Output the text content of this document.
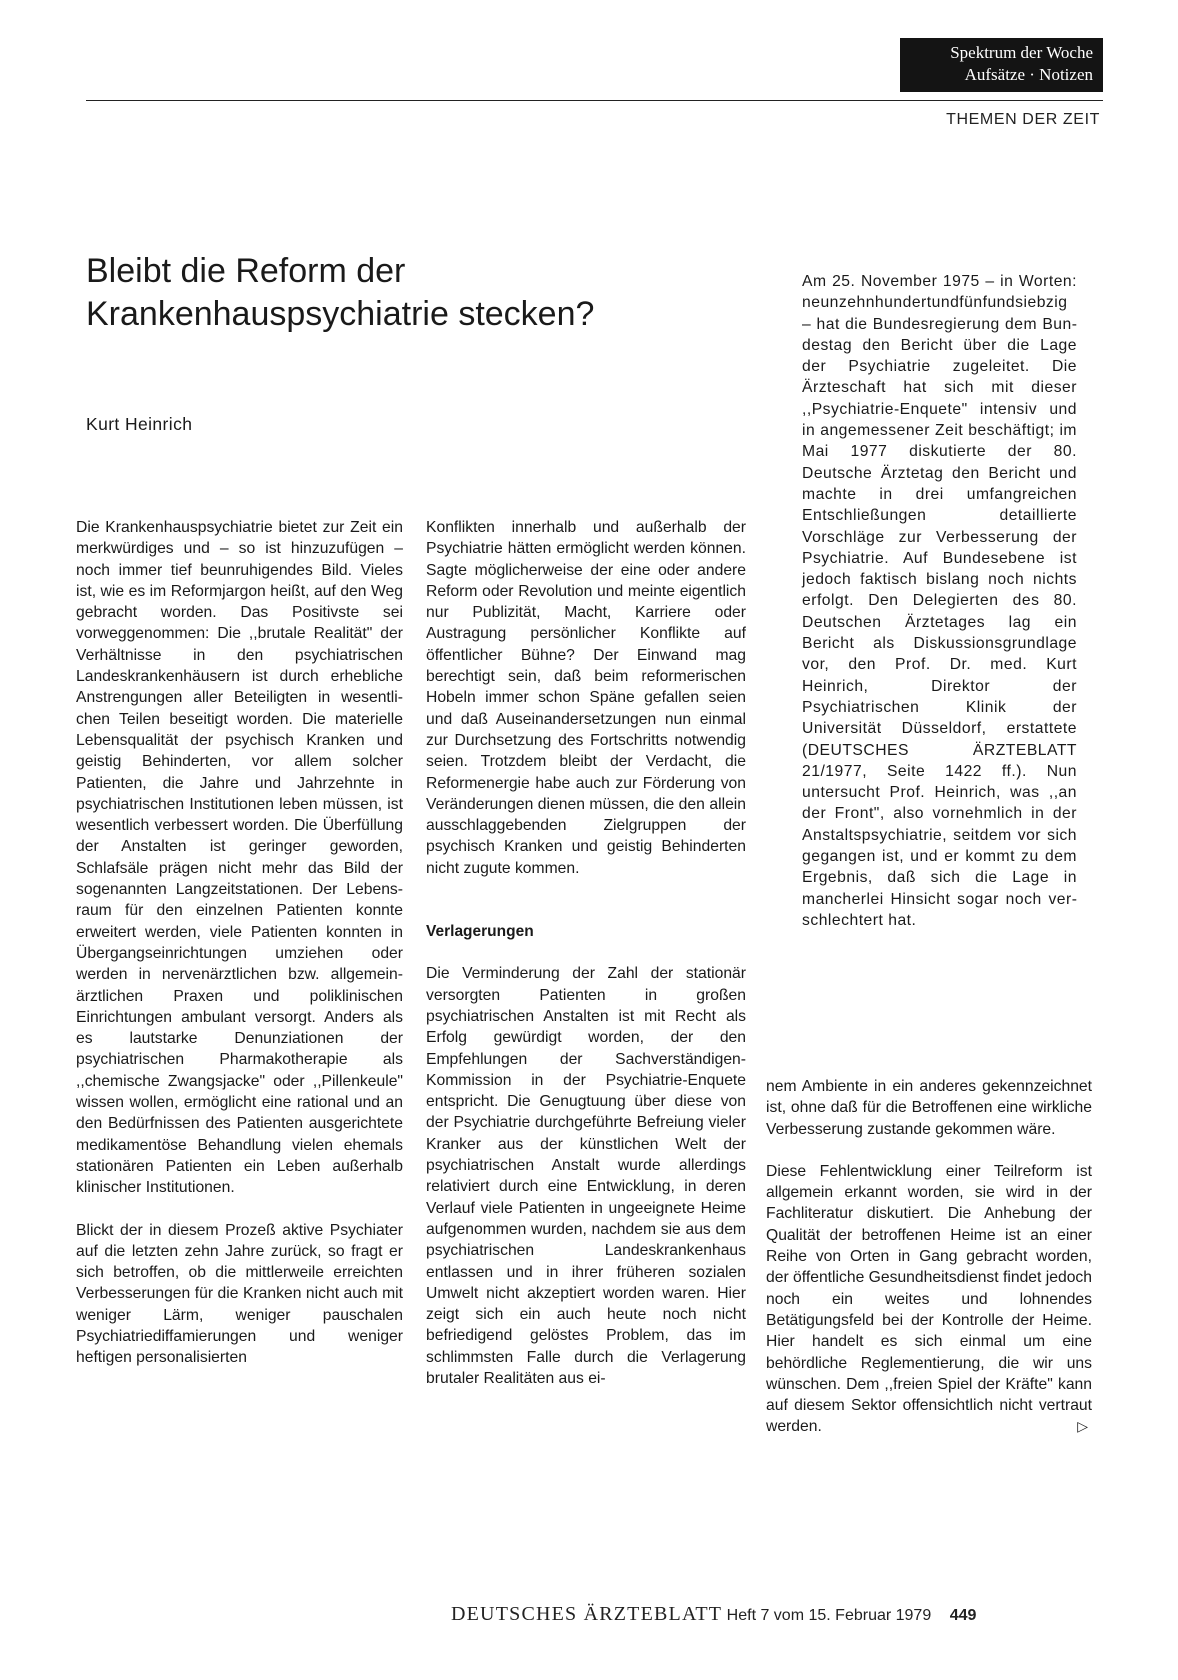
Spektrum der Woche
Aufsätze · Notizen
THEMEN DER ZEIT
Bleibt die Reform der
Krankenhauspsychiatrie stecken?
Kurt Heinrich

Die Krankenhauspsychiatrie bietet zur Zeit ein merkwürdiges und – so ist hinzuzufügen – noch immer tief beunruhigendes Bild. Vieles ist, wie es im Reformjargon heißt, auf den Weg gebracht worden. Das Positivste sei vorweggenommen: Die ,,brutale Realität" der Verhältnisse in den psychiatrischen Landeskrankenhäusern ist durch erhebliche Anstrengungen aller Beteiligten in wesentlichen Teilen beseitigt worden. Die materielle Lebensqualität der psychisch Kranken und geistig Behinderten, vor allem solcher Patienten, die Jahre und Jahrzehnte in psychiatrischen Institutionen leben müssen, ist wesentlich verbessert worden. Die Überfüllung der Anstalten ist geringer geworden, Schlafsäle prägen nicht mehr das Bild der sogenannten Langzeitstationen. Der Lebensraum für den einzelnen Patienten konnte erweitert werden, viele Patienten konnten in Übergangseinrichtungen umziehen oder werden in nervenärztlichen bzw. allgemeinärztlichen Praxen und poliklinischen Einrichtungen ambulant versorgt. Anders als es lautstarke Denunziationen der psychiatrischen Pharmakotherapie als ,,chemische Zwangsjacke" oder ,,Pillenkeule" wissen wollen, ermöglicht eine rational und an den Bedürfnissen des Patienten ausgerichtete medikamentöse Behandlung vielen ehemals stationären Patienten ein Leben außerhalb klinischer Institutionen.

Blickt der in diesem Prozeß aktive Psychiater auf die letzten zehn Jahre zurück, so fragt er sich betroffen, ob die mittlerweile erreichten Verbesserungen für die Kranken nicht auch mit weniger Lärm, weniger pauschalen Psychiatriediffamierungen und weniger heftigen personalisierten

Konflikten innerhalb und außerhalb der Psychiatrie hätten ermöglicht werden können. Sagte möglicherweise der eine oder andere Reform oder Revolution und meinte eigentlich nur Publizität, Macht, Karriere oder Austragung persönlicher Konflikte auf öffentlicher Bühne? Der Einwand mag berechtigt sein, daß beim reformerischen Hobeln immer schon Späne gefallen seien und daß Auseinandersetzungen nun einmal zur Durchsetzung des Fortschritts notwendig seien. Trotzdem bleibt der Verdacht, die Reformenergie habe auch zur Förderung von Veränderungen dienen müssen, die den allein ausschlaggebenden Zielgruppen der psychisch Kranken und geistig Behinderten nicht zugute kommen.

Verlagerungen

Die Verminderung der Zahl der stationär versorgten Patienten in großen psychiatrischen Anstalten ist mit Recht als Erfolg gewürdigt worden, der den Empfehlungen der Sachverständigen-Kommission in der Psychiatrie-Enquete entspricht. Die Genugtuung über diese von der Psychiatrie durchgeführte Befreiung vieler Kranker aus der künstlichen Welt der psychiatrischen Anstalt wurde allerdings relativiert durch eine Entwicklung, in deren Verlauf viele Patienten in ungeeignete Heime aufgenommen wurden, nachdem sie aus dem psychiatrischen Landeskrankenhaus entlassen und in ihrer früheren sozialen Umwelt nicht akzeptiert worden waren. Hier zeigt sich ein auch heute noch nicht befriedigend gelöstes Problem, das im schlimmsten Falle durch die Verlagerung brutaler Realitäten aus ei-

Am 25. November 1975 – in Worten: neunzehnhundertundfünfundsiebzig – hat die Bundesregierung dem Bundestag den Bericht über die Lage der Psychiatrie zugeleitet. Die Ärzteschaft hat sich mit dieser ,,Psychiatrie-Enquete" intensiv und in angemessener Zeit beschäftigt; im Mai 1977 diskutierte der 80. Deutsche Ärztetag den Bericht und machte in drei umfangreichen Entschließungen detaillierte Vorschläge zur Verbesserung der Psychiatrie. Auf Bundesebene ist jedoch faktisch bislang noch nichts erfolgt. Den Delegierten des 80. Deutschen Ärztetages lag ein Bericht als Diskussionsgrundlage vor, den Prof. Dr. med. Kurt Heinrich, Direktor der Psychiatrischen Klinik der Universität Düsseldorf, erstattete (DEUTSCHES ÄRZTEBLATT 21/1977, Seite 1422 ff.). Nun untersucht Prof. Heinrich, was ,,an der Front", also vornehmlich in der Anstaltspsychiatrie, seitdem vor sich gegangen ist, und er kommt zu dem Ergebnis, daß sich die Lage in mancherlei Hinsicht sogar noch verschlechtert hat.

nem Ambiente in ein anderes gekennzeichnet ist, ohne daß für die Betroffenen eine wirkliche Verbesserung zustande gekommen wäre.

Diese Fehlentwicklung einer Teilreform ist allgemein erkannt worden, sie wird in der Fachliteratur diskutiert. Die Anhebung der Qualität der betroffenen Heime ist an einer Reihe von Orten in Gang gebracht worden, der öffentliche Gesundheitsdienst findet jedoch noch ein weites und lohnendes Betätigungsfeld bei der Kontrolle der Heime. Hier handelt es sich einmal um eine behördliche Reglementierung, die wir uns wünschen. Dem ,,freien Spiel der Kräfte" kann auf diesem Sektor offensichtlich nicht vertraut werden.	▷

DEUTSCHES ÄRZTEBLATT Heft 7 vom 15. Februar 1979 449
